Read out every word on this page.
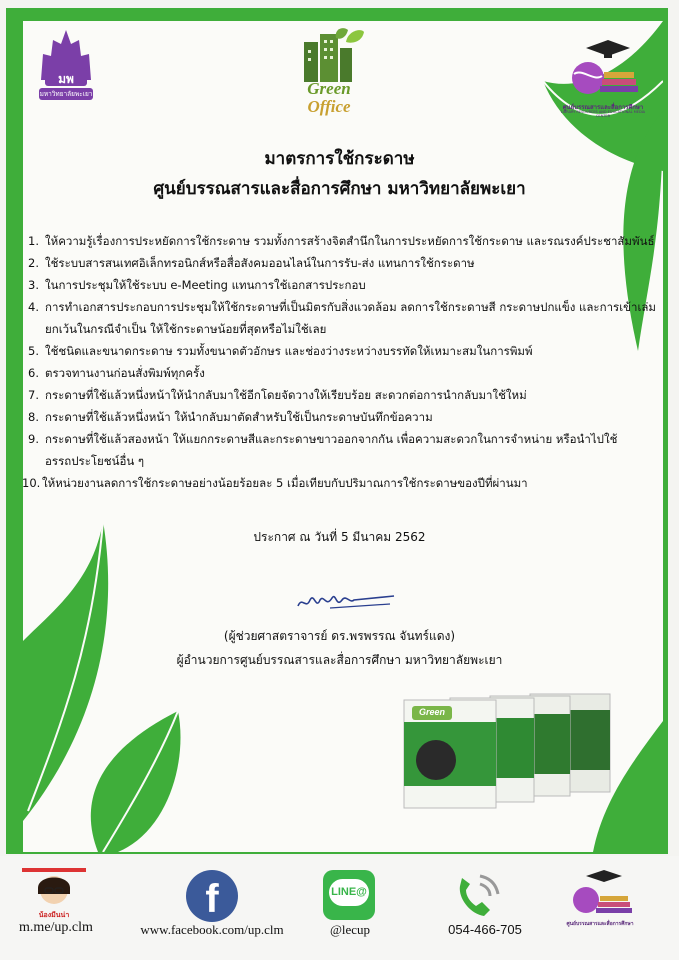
มพ
มหาวิทยาลัยพะเยา	Green
Office	ศูนย์บรรณสารและสื่อการศึกษา
LIBRARY RESOURCES AND EDUCATIONAL MEDIA CENTER
มาตรการใช้กระดาษ
ศูนย์บรรณสารและสื่อการศึกษา มหาวิทยาลัยพะเยา
1. ให้ความรู้เรื่องการประหยัดการใช้กระดาษ รวมทั้งการสร้างจิตสำนึกในการประหยัดการใช้กระดาษ และรณรงค์ประชาสัมพันธ์
2. ใช้ระบบสารสนเทศอิเล็กทรอนิกส์หรือสื่อสังคมออนไลน์ในการรับ-ส่ง แทนการใช้กระดาษ
3. ในการประชุมให้ใช้ระบบ e-Meeting แทนการใช้เอกสารประกอบ
4. การทำเอกสารประกอบการประชุมให้ใช้กระดาษที่เป็นมิตรกับสิ่งแวดล้อม ลดการใช้กระดาษสี กระดาษปกแข็ง และการเข้าเล่ม
ยกเว้นในกรณีจำเป็น ให้ใช้กระดาษน้อยที่สุดหรือไม่ใช้เลย
5. ใช้ชนิดและขนาดกระดาษ รวมทั้งขนาดตัวอักษร และช่องว่างระหว่างบรรทัดให้เหมาะสมในการพิมพ์
6. ตรวจทานงานก่อนสั่งพิมพ์ทุกครั้ง
7. กระดาษที่ใช้แล้วหนึ่งหน้าให้นำกลับมาใช้อีกโดยจัดวางให้เรียบร้อย สะดวกต่อการนำกลับมาใช้ใหม่
8. กระดาษที่ใช้แล้วหนึ่งหน้า ให้นำกลับมาตัดสำหรับใช้เป็นกระดาษบันทึกข้อความ
9. กระดาษที่ใช้แล้วสองหน้า ให้แยกกระดาษสีและกระดาษขาวออกจากกัน เพื่อความสะดวกในการจำหน่าย หรือนำไปใช้
อรรถประโยชน์อื่น ๆ
10. ให้หน่วยงานลดการใช้กระดาษอย่างน้อยร้อยละ 5 เมื่อเทียบกับปริมาณการใช้กระดาษของปีที่ผ่านมา
ประกาศ ณ วันที่ 5 มีนาคม 2562
(ผู้ช่วยศาสตราจารย์ ดร.พรพรรณ จันทร์แดง)
ผู้อำนวยการศูนย์บรรณสารและสื่อการศึกษา มหาวิทยาลัยพะเยา
Green
น้องมีนน่า
m.me/up.clm
f
www.facebook.com/up.clm
LINE@
@lecup	054-466-705	ศูนย์บรรณสารและสื่อการศึกษา
